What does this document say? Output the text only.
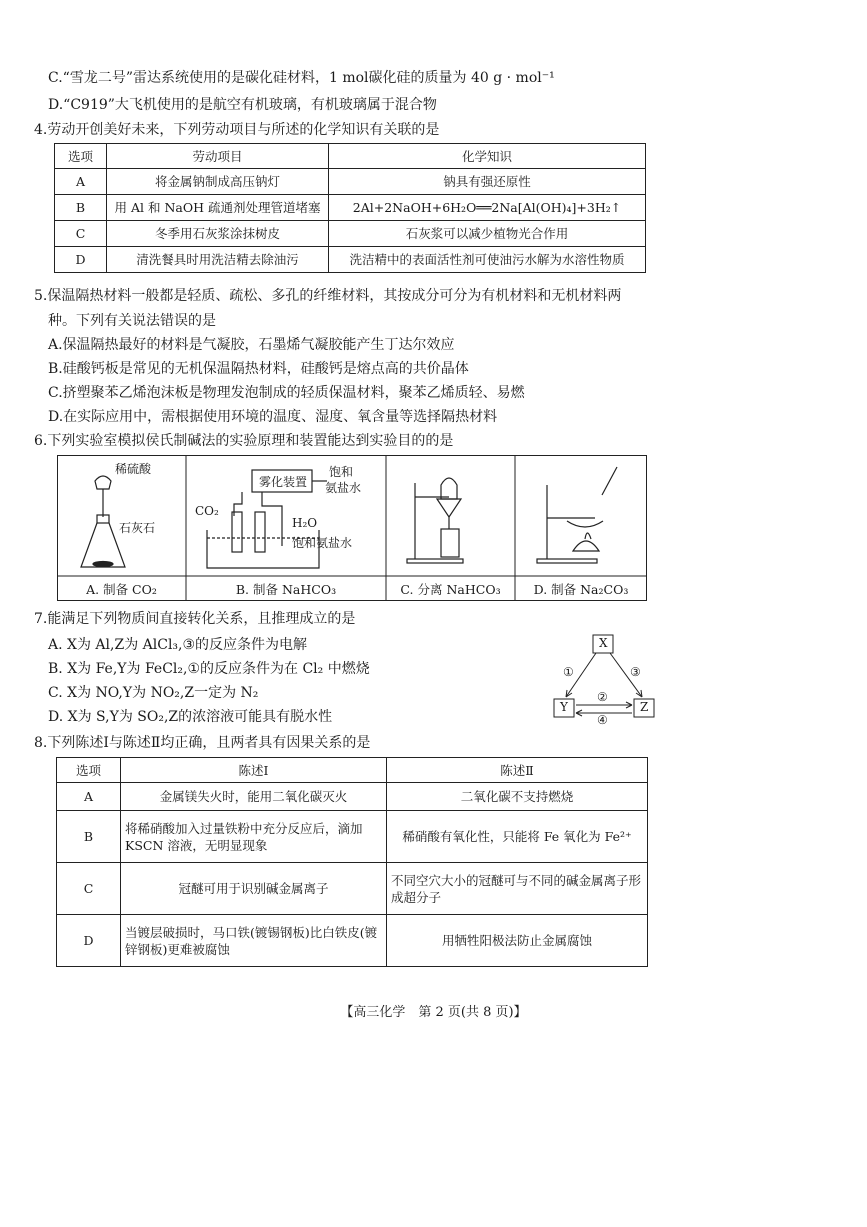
C.“雪龙二号”雷达系统使用的是碳化硅材料，1 mol碳化硅的质量为 40 g · mol⁻¹
D.“C919”大飞机使用的是航空有机玻璃，有机玻璃属于混合物
4.劳动开创美好未来，下列劳动项目与所述的化学知识有关联的是
选项	劳动项目	化学知识
A	将金属钠制成高压钠灯	钠具有强还原性
B	用 Al 和 NaOH 疏通剂处理管道堵塞	2Al+2NaOH+6H₂O══2Na[Al(OH)₄]+3H₂↑
C	冬季用石灰浆涂抹树皮	石灰浆可以减少植物光合作用
D	清洗餐具时用洗洁精去除油污	洗洁精中的表面活性剂可使油污水解为水溶性物质
5.保温隔热材料一般都是轻质、疏松、多孔的纤维材料，其按成分可分为有机材料和无机材料两
种。下列有关说法错误的是
A.保温隔热最好的材料是气凝胶，石墨烯气凝胶能产生丁达尔效应
B.硅酸钙板是常见的无机保温隔热材料，硅酸钙是熔点高的共价晶体
C.挤塑聚苯乙烯泡沫板是物理发泡制成的轻质保温材料，聚苯乙烯质轻、易燃
D.在实际应用中，需根据使用环境的温度、湿度、氧含量等选择隔热材料
6.下列实验室模拟侯氏制碱法的实验原理和装置能达到实验目的的是
稀硫酸
石灰石
雾化装置
饱和
氨盐水
CO₂
H₂O
饱和氨盐水
A. 制备 CO₂	B. 制备 NaHCO₃	C. 分离 NaHCO₃	D. 制备 Na₂CO₃
7.能满足下列物质间直接转化关系，且推理成立的是
A. X为 Al,Z为 AlCl₃,③的反应条件为电解
B. X为 Fe,Y为 FeCl₂,①的反应条件为在 Cl₂ 中燃烧
C. X为 NO,Y为 NO₂,Z一定为 N₂
D. X为 S,Y为 SO₂,Z的浓溶液可能具有脱水性
X
Y	Z
①	③
②
④
8.下列陈述Ⅰ与陈述Ⅱ均正确，且两者具有因果关系的是
选项	陈述Ⅰ	陈述Ⅱ
A	金属镁失火时，能用二氧化碳灭火	二氧化碳不支持燃烧
B	将稀硝酸加入过量铁粉中充分反应后，滴加 KSCN 溶液，无明显现象	稀硝酸有氧化性，只能将 Fe 氧化为 Fe²⁺
C	冠醚可用于识别碱金属离子	不同空穴大小的冠醚可与不同的碱金属离子形成超分子
D	当镀层破损时，马口铁(镀锡钢板)比白铁皮(镀锌钢板)更难被腐蚀	用牺牲阳极法防止金属腐蚀
【高三化学　第 2 页(共 8 页)】
